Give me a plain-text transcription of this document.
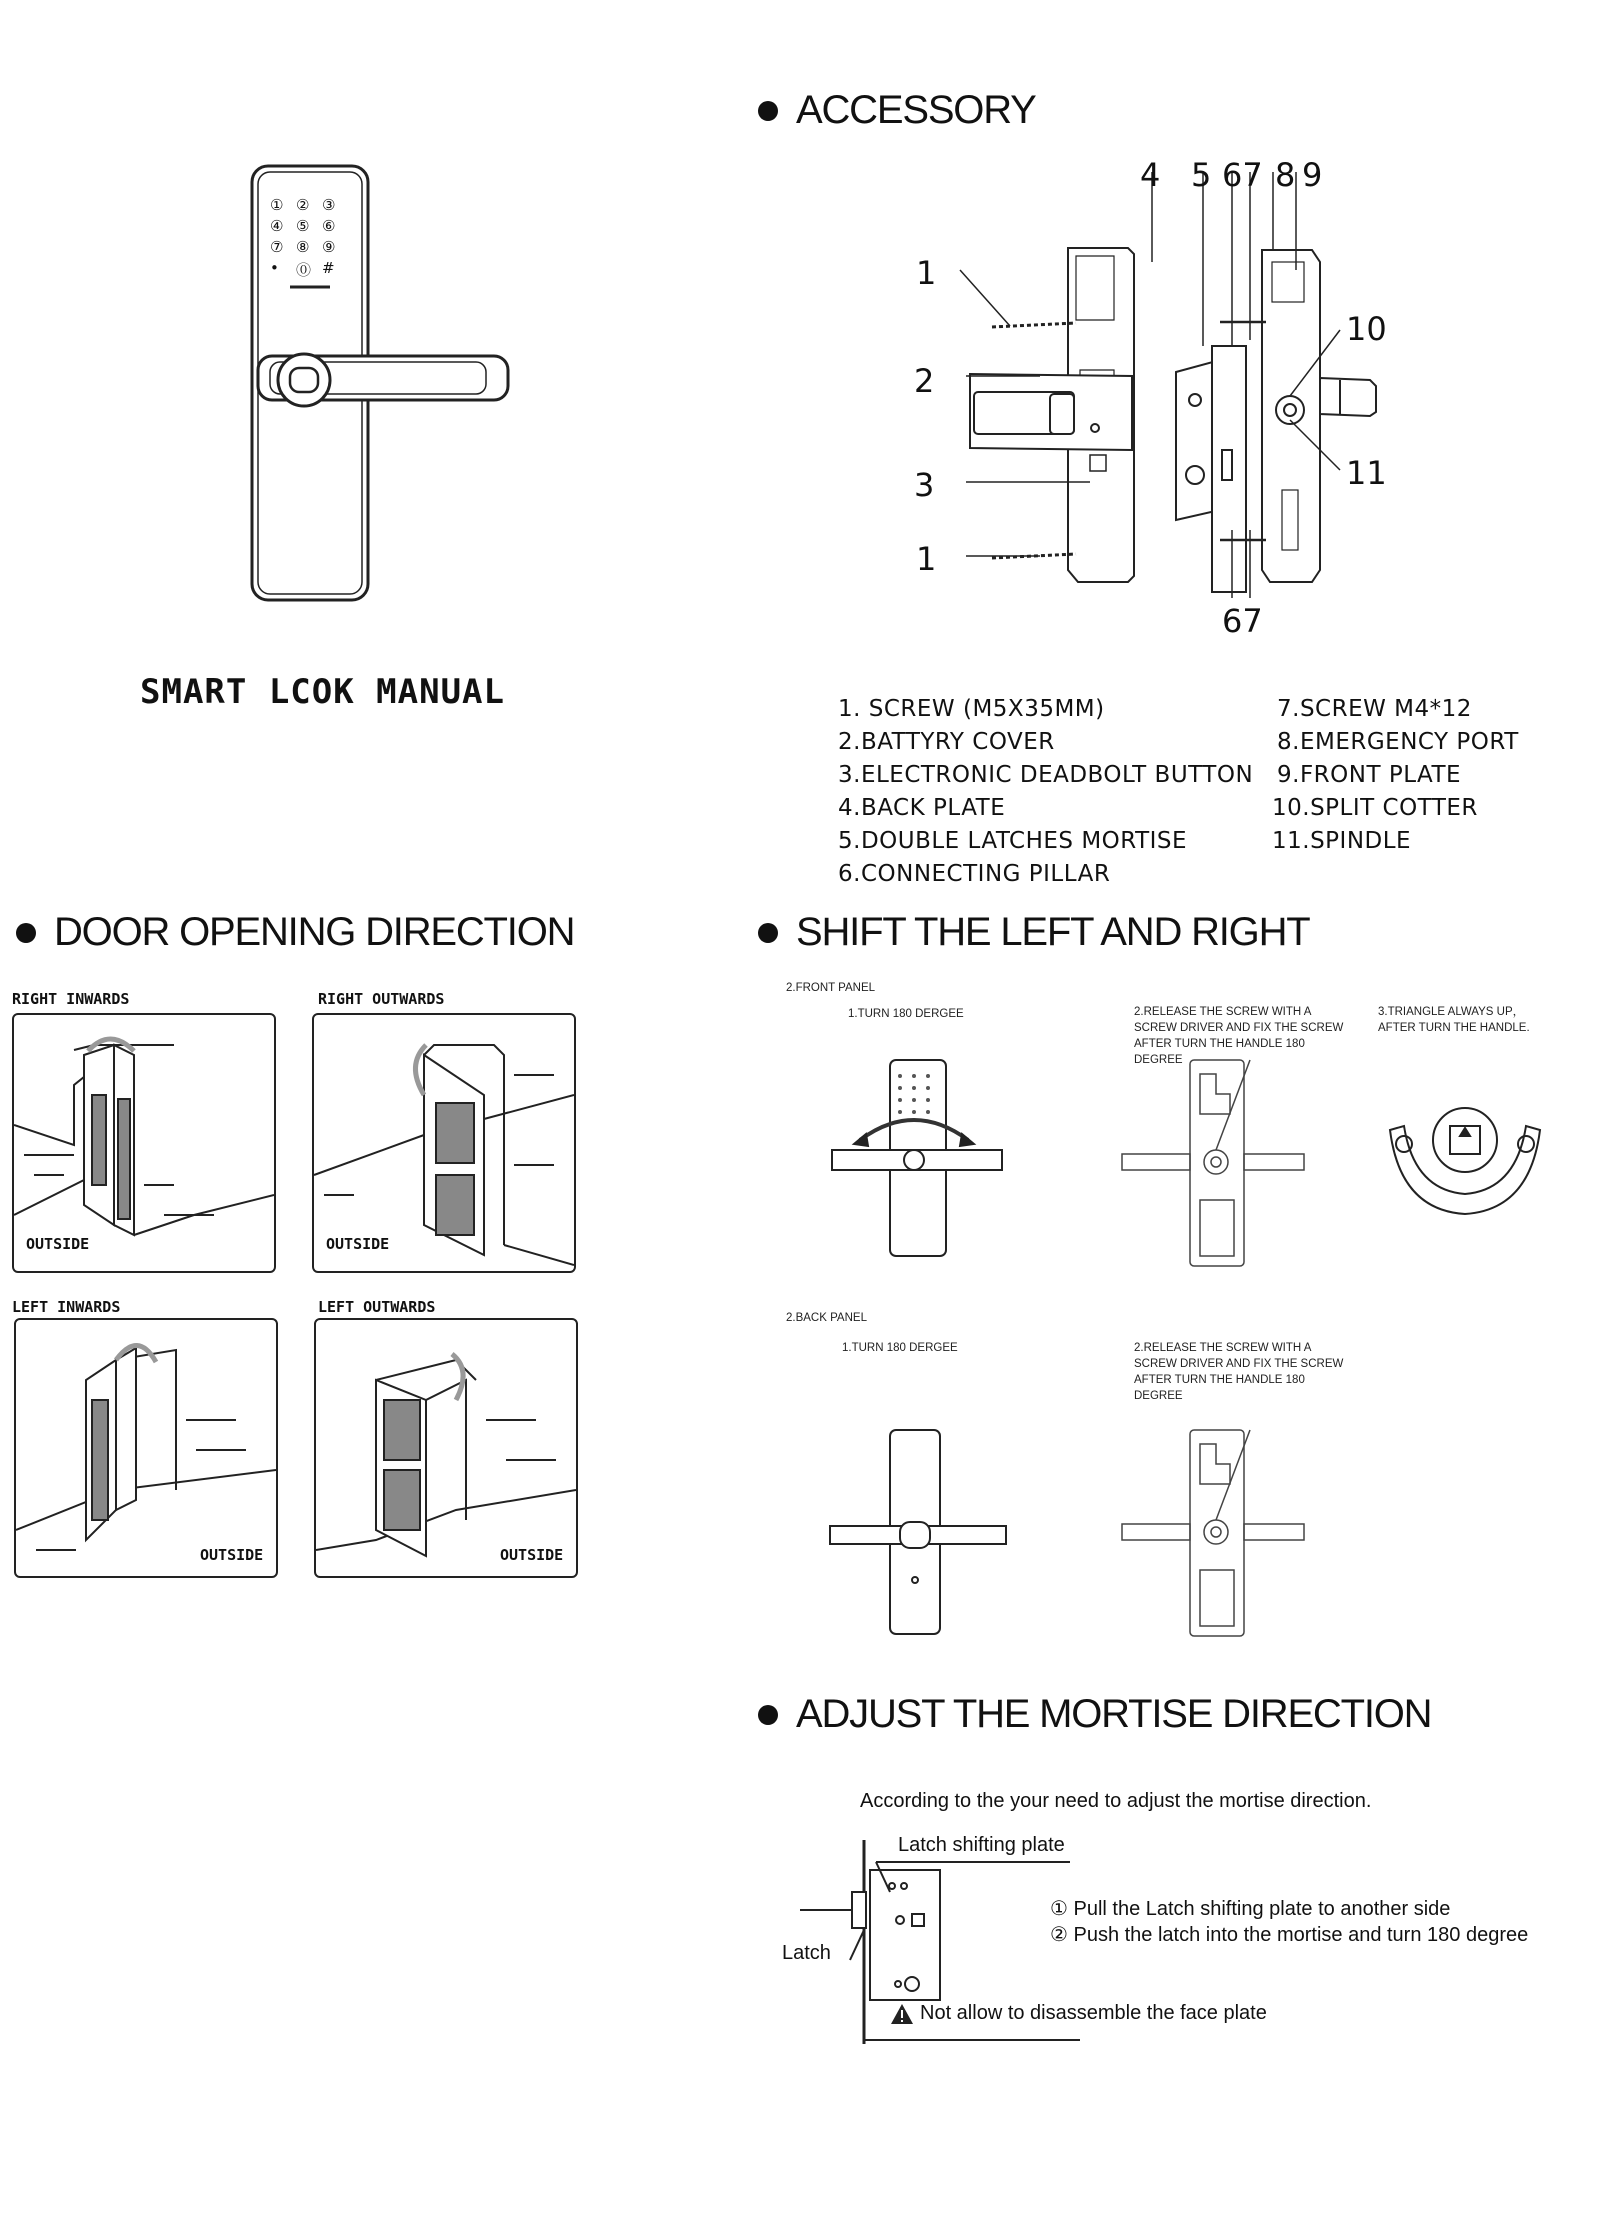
① ② ③
④ ⑤ ⑥
⑦ ⑧ ⑨
• ⓪ #
SMART LCOK MANUAL
ACCESSORY
4 5 67 8 9
1
2
3
1
10
11
67
1. SCREW (M5X35MM)
2.BATTYRY COVER
3.ELECTRONIC DEADBOLT BUTTON
4.BACK PLATE
5.DOUBLE LATCHES MORTISE
6.CONNECTING PILLAR
7.SCREW M4*12
8.EMERGENCY PORT
9.FRONT PLATE
10.SPLIT COTTER
11.SPINDLE
DOOR OPENING DIRECTION
RIGHT INWARDS	RIGHT OUTWARDS
LEFT INWARDS	LEFT OUTWARDS
OUTSIDE	OUTSIDE
OUTSIDE	OUTSIDE
SHIFT THE LEFT AND RIGHT
2.FRONT PANEL
1.TURN 180 DERGEE	2.RELEASE THE SCREW WITH A SCREW DRIVER AND FIX THE SCREW AFTER TURN THE HANDLE 180 DEGREE
3.TRIANGLE ALWAYS UP，AFTER TURN THE HANDLE.
2.BACK PANEL
1.TURN 180 DERGEE	2.RELEASE THE SCREW WITH A SCREW DRIVER AND FIX THE SCREW AFTER TURN THE HANDLE 180 DEGREE
ADJUST THE MORTISE DIRECTION
According to the your need to adjust the mortise direction.
Latch shifting plate
Latch
① Pull the Latch shifting plate to another side
② Push the latch into the mortise and turn 180 degree
Not allow to disassemble the face plate
